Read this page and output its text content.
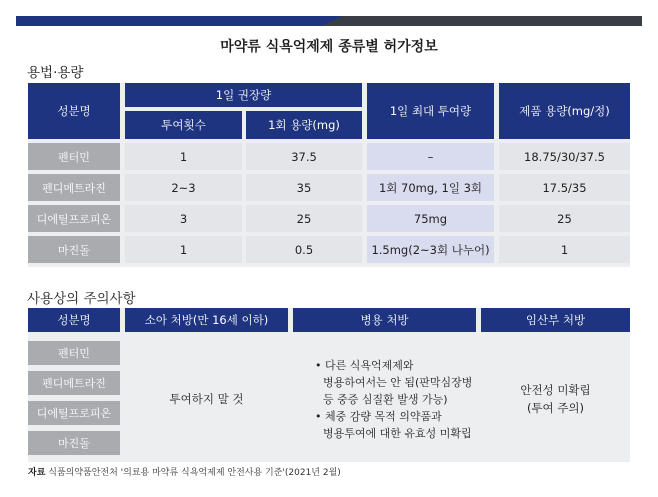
마약류 식욕억제제 종류별 허가정보
용법·용량
성분명
1일 권장량
투여횟수	1회 용량(mg)
1일 최대 투여량	제품 용량(mg/정)
펜터민	1	37.5	–	18.75/30/37.5
펜디메트라진	2~3	35	1회 70mg, 1일 3회	17.5/35
디에틸프로피온	3	25	75mg	25
마진돌	1	0.5	1.5mg(2~3회 나누어)	1
사용상의 주의사항
성분명	소아 처방(만 16세 이하)	병용 처방	임산부 처방
펜터민
펜디메트라진
디에틸프로피온
마진돌
투여하지 말 것
• 다른 식욕억제제와
병용하여서는 안 됨(판막심장병
등 중증 심질환 발생 가능)
• 체중 감량 목적 의약품과
병용투여에 대한 유효성 미확립
안전성 미확립
(투여 주의)
자료 식품의약품안전처 '의료용 마약류 식욕억제제 안전사용 기준'(2021년 2월)
